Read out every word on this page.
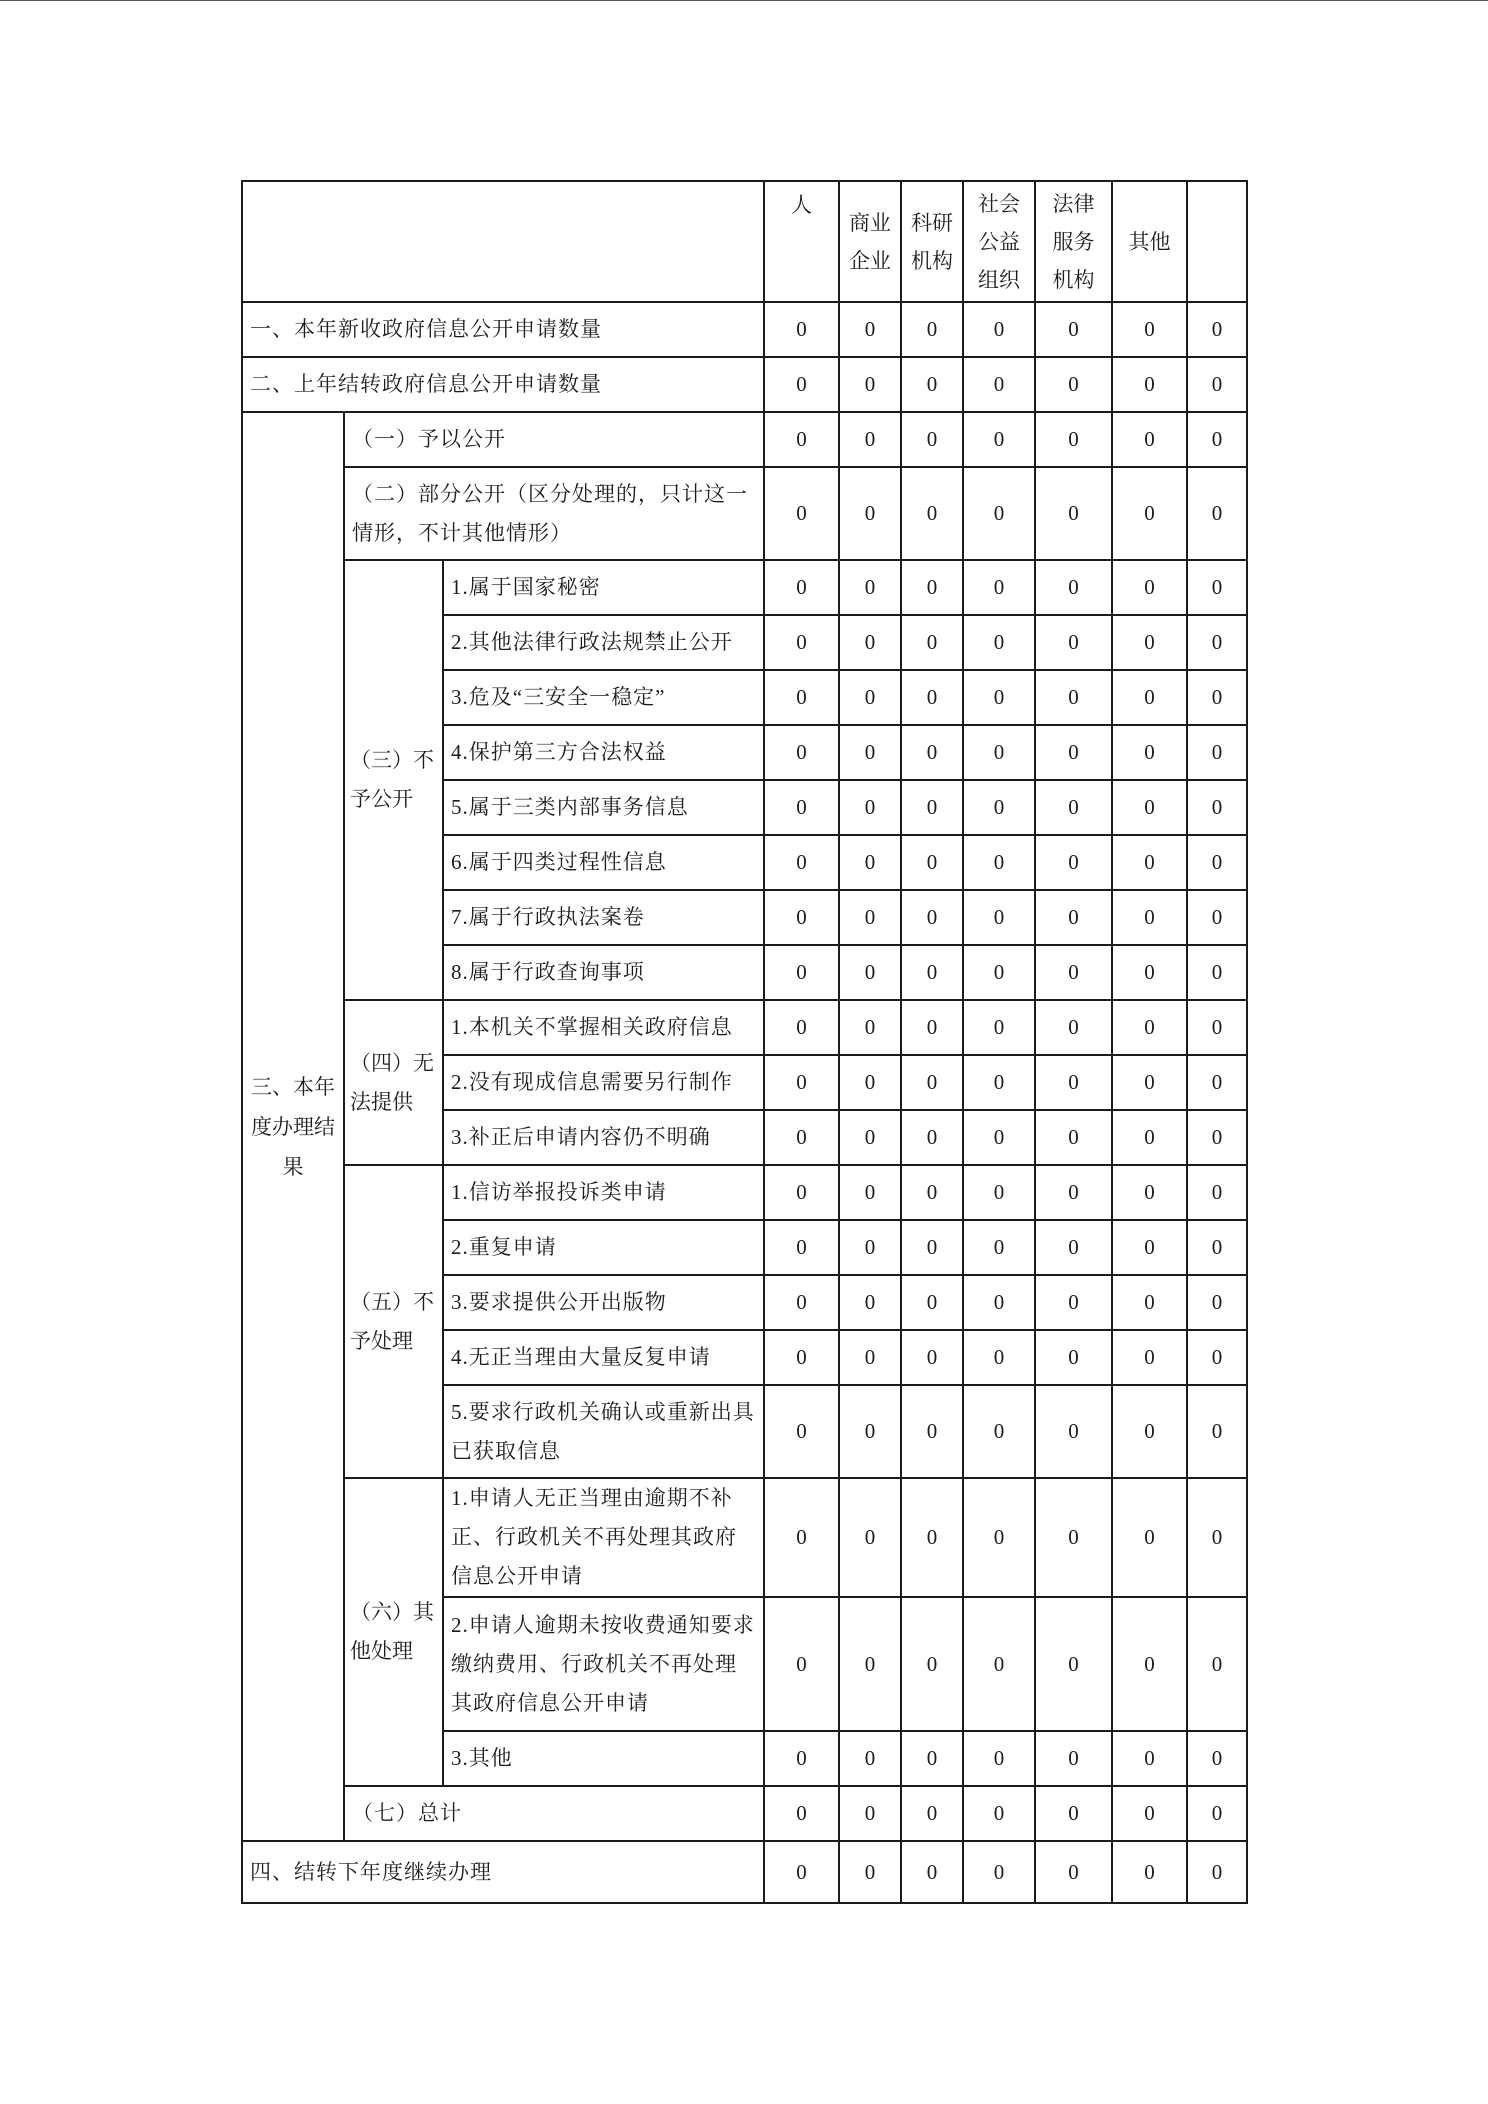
			人	商业企业	科研机构	社会公益组织	法律服务机构	其他	
一、本年新收政府信息公开申请数量			0	0	0	0	0	0	0
二、上年结转政府信息公开申请数量			0	0	0	0	0	0	0
三、本年度办理结果	（一）予以公开		0	0	0	0	0	0	0
	（二）部分公开（区分处理的，只计这一情形，不计其他情形）		0	0	0	0	0	0	0
	（三）不予公开	1.属于国家秘密	0	0	0	0	0	0	0
		2.其他法律行政法规禁止公开	0	0	0	0	0	0	0
		3.危及“三安全一稳定”	0	0	0	0	0	0	0
		4.保护第三方合法权益	0	0	0	0	0	0	0
		5.属于三类内部事务信息	0	0	0	0	0	0	0
		6.属于四类过程性信息	0	0	0	0	0	0	0
		7.属于行政执法案卷	0	0	0	0	0	0	0
		8.属于行政查询事项	0	0	0	0	0	0	0
	（四）无法提供	1.本机关不掌握相关政府信息	0	0	0	0	0	0	0
		2.没有现成信息需要另行制作	0	0	0	0	0	0	0
		3.补正后申请内容仍不明确	0	0	0	0	0	0	0
	（五）不予处理	1.信访举报投诉类申请	0	0	0	0	0	0	0
		2.重复申请	0	0	0	0	0	0	0
		3.要求提供公开出版物	0	0	0	0	0	0	0
		4.无正当理由大量反复申请	0	0	0	0	0	0	0
		5.要求行政机关确认或重新出具已获取信息	0	0	0	0	0	0	0
	（六）其他处理	1.申请人无正当理由逾期不补正、行政机关不再处理其政府信息公开申请	0	0	0	0	0	0	0
		2.申请人逾期未按收费通知要求缴纳费用、行政机关不再处理其政府信息公开申请	0	0	0	0	0	0	0
		3.其他	0	0	0	0	0	0	0
	（七）总计		0	0	0	0	0	0	0
四、结转下年度继续办理			0	0	0	0	0	0	0
